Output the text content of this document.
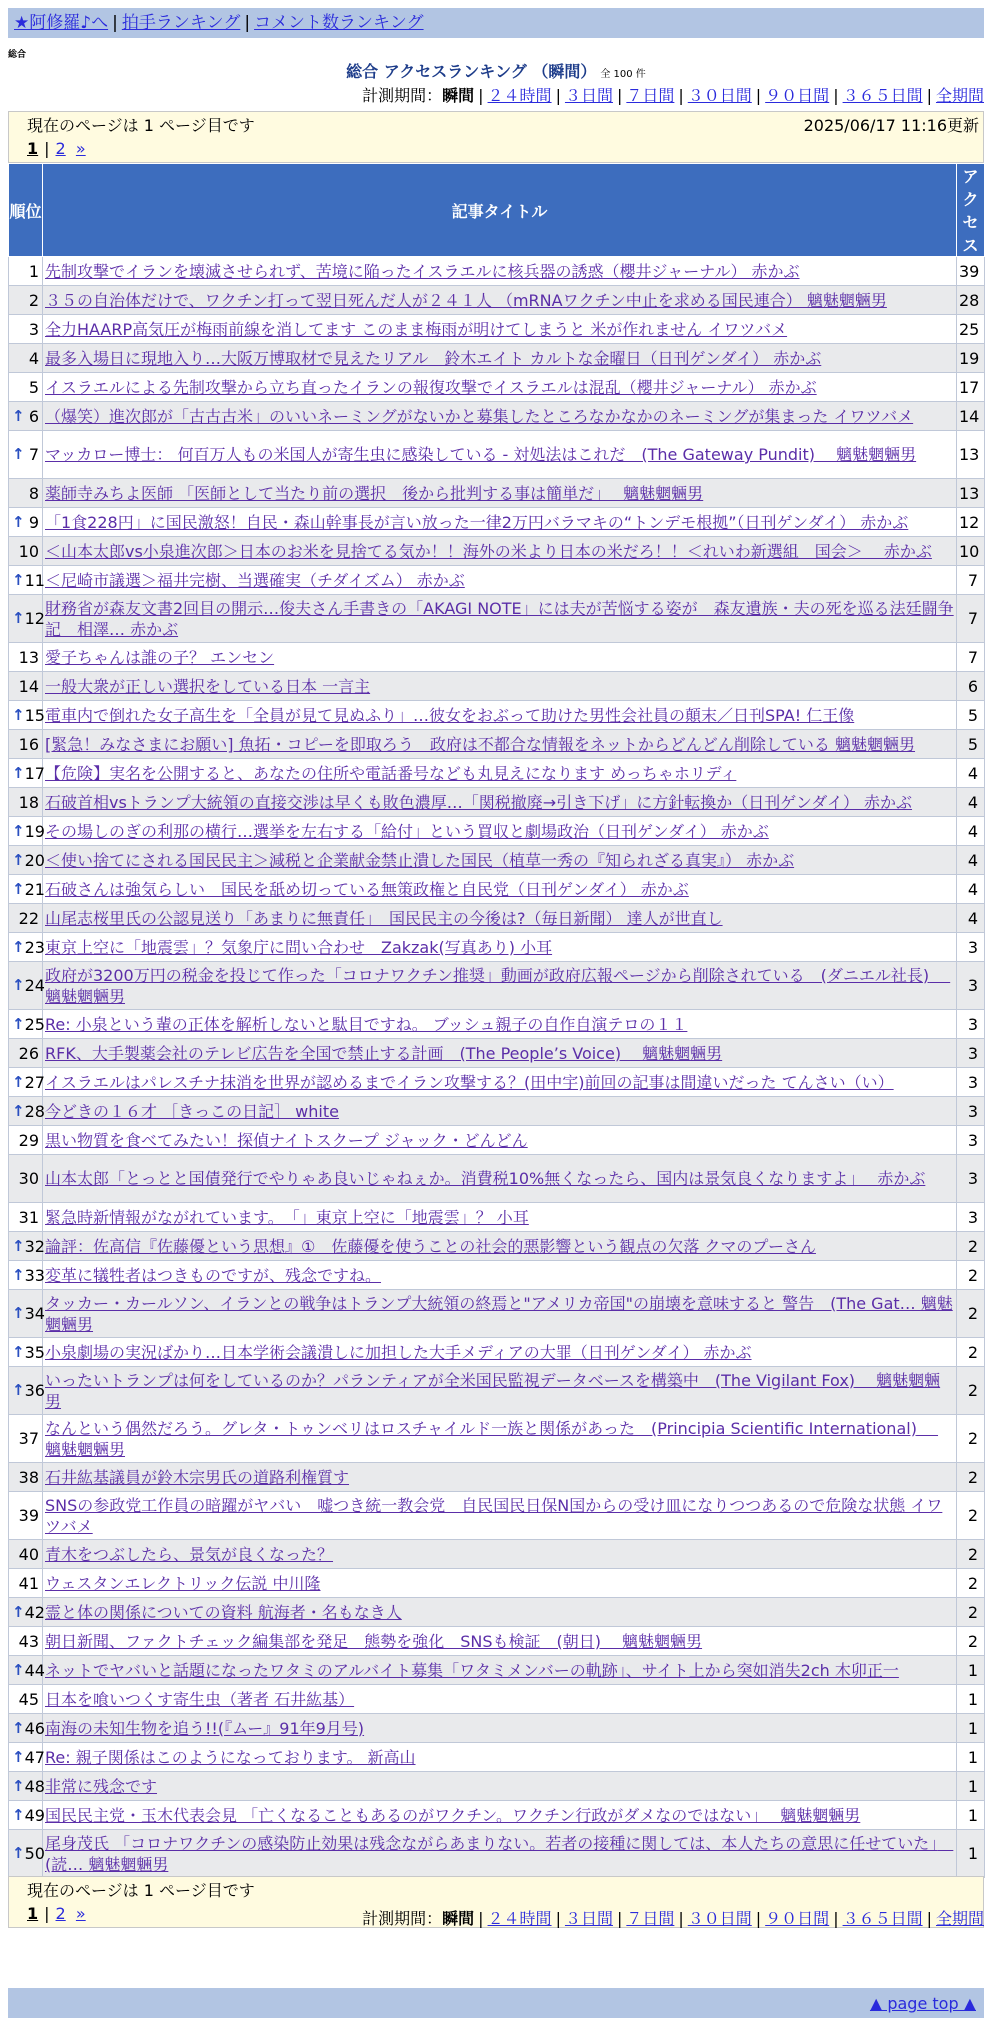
★阿修羅♪へ | 拍手ランキング | コメント数ランキング
総合
総合 アクセスランキング （瞬間） 全 100 件
計測期間：瞬間 | ２４時間 | ３日間 | ７日間 | ３０日間 | ９０日間 | ３６５日間 | 全期間
現在のページは 1 ページ目です	2025/06/17 11:16更新
1 | 2 »
順位	記事タイトル	アクセス
1	先制攻撃でイランを壊滅させられず、苦境に陥ったイスラエルに核兵器の誘惑（櫻井ジャーナル） 赤かぶ	39
2	３５の自治体だけで、ワクチン打って翌日死んだ人が２４１人 （mRNAワクチン中止を求める国民連合） 魑魅魍魎男	28
3	全力HAARP高気圧が梅雨前線を消してます このまま梅雨が明けてしまうと 米が作れません イワツバメ	25
4	最多入場日に現地入り…大阪万博取材で見えたリアル　鈴木エイト カルトな金曜日（日刊ゲンダイ） 赤かぶ	19
5	イスラエルによる先制攻撃から立ち直ったイランの報復攻撃でイスラエルは混乱（櫻井ジャーナル） 赤かぶ	17

↑ 6	（爆笑）進次郎が「古古古米」のいいネーミングがないかと募集したところなかなかのネーミングが集まった イワツバメ	14

↑ 7	マッカロー博士： 何百万人もの米国人が寄生虫に感染している - 対処法はこれだ　(The Gateway Pundit)　 魑魅魍魎男	13
8	薬師寺みちよ医師 「医師として当たり前の選択　後から批判する事は簡単だ」　 魑魅魍魎男	13

↑ 9	「1食228円」に国民激怒！自民・森山幹事長が言い放った一律2万円バラマキの“トンデモ根拠”（日刊ゲンダイ） 赤かぶ	12
10	＜山本太郎vs小泉進次郎＞日本のお米を見捨てる気か！！海外の米より日本の米だろ！！＜れいわ新選組　国会＞　 赤かぶ	10

↑ 11	＜尼崎市議選＞福井完樹、当選確実（チダイズム） 赤かぶ	7

↑ 12	財務省が森友文書2回目の開示…俊夫さん手書きの「AKAGI NOTE」には夫が苦悩する姿が　森友遺族・夫の死を巡る法廷闘争記　相澤… 赤かぶ	7
13	愛子ちゃんは誰の子？ エンセン	7
14	一般大衆が正しい選択をしている日本 一言主	6

↑ 15	電車内で倒れた女子高生を「全員が見て見ぬふり」…彼女をおぶって助けた男性会社員の顛末／日刊SPA! 仁王像	5
16	[緊急！みなさまにお願い] 魚拓・コピーを即取ろう　政府は不都合な情報をネットからどんどん削除している 魑魅魍魎男	5

↑ 17	【危険】実名を公開すると、あなたの住所や電話番号なども丸見えになります めっちゃホリディ	4
18	石破首相vsトランプ大統領の直接交渉は早くも敗色濃厚…「関税撤廃→引き下げ」に方針転換か（日刊ゲンダイ） 赤かぶ	4

↑ 19	その場しのぎの利那の横行…選挙を左右する「給付」という買収と劇場政治（日刊ゲンダイ） 赤かぶ	4

↑ 20	＜使い捨てにされる国民民主＞減税と企業献金禁止潰した国民（植草一秀の『知られざる真実』） 赤かぶ	4

↑ 21	石破さんは強気らしい　国民を舐め切っている無策政権と自民党（日刊ゲンダイ） 赤かぶ	4
22	山尾志桜里氏の公認見送り「あまりに無責任」　国民民主の今後は?（毎日新聞） 達人が世直し	4

↑ 23	東京上空に「地震雲」？気象庁に問い合わせ　Zakzak(写真あり) 小耳	3

↑ 24	政府が3200万円の税金を投じて作った「コロナワクチン推奨」動画が政府広報ページから削除されている　(ダニエル社長)　 魑魅魍魎男	3

↑ 25	Re: 小泉という輩の正体を解析しないと駄目ですね。 ブッシュ親子の自作自演テロの１１	3
26	RFK、大手製薬会社のテレビ広告を全国で禁止する計画　(The People’s Voice)　 魑魅魍魎男	3

↑ 27	イスラエルはパレスチナ抹消を世界が認めるまでイラン攻撃する？(田中宇)前回の記事は間違いだった てんさい（い）	3

↑ 28	今どきの１６才 ［きっこの日記］ white	3
29	黒い物質を食べてみたい！探偵ナイトスクープ ジャック・どんどん	3
30	山本太郎「とっとと国債発行でやりゃあ良いじゃねぇか。消費税10%無くなったら、国内は景気良くなりますよ」　 赤かぶ	3
31	緊急時新情報がながれています。　「」東京上空に「地震雲」？ 小耳	3

↑ 32	論評：佐高信『佐藤優という思想』①　佐藤優を使うことの社会的悪影響という観点の欠落 クマのプーさん	2

↑ 33	変革に犠牲者はつきものですが、残念ですね。	2

↑ 34	タッカー・カールソン、イランとの戦争はトランプ大統領の終焉と"アメリカ帝国"の崩壊を意味すると 警告　(The Gat… 魑魅魍魎男	2

↑ 35	小泉劇場の実況ばかり…日本学術会議潰しに加担した大手メディアの大罪（日刊ゲンダイ） 赤かぶ	2

↑ 36	いったいトランプは何をしているのか？パランティアが全米国民監視データベースを構築中　(The Vigilant Fox)　 魑魅魍魎男	2
37	なんという偶然だろう。グレタ・トゥンベリはロスチャイルド一族と関係があった　(Principia Scientific International)　 魑魅魍魎男	2
38	石井紘基議員が鈴木宗男氏の道路利権質す	2
39	SNSの参政党工作員の暗躍がヤバい　嘘つき統一教会党　自民国民日保N国からの受け皿になりつつあるので危険な状態 イワツバメ	2
40	青木をつぶしたら、景気が良くなった？	2
41	ウェスタンエレクトリック伝説 中川隆	2

↑ 42	霊と体の関係についての資料 航海者・名もなき人	2
43	朝日新聞、ファクトチェック編集部を発足　態勢を強化　SNSも検証　(朝日)　 魑魅魍魎男	2

↑ 44	ネットでヤバいと話題になったワタミのアルバイト募集「ワタミメンバーの軌跡」、サイト上から突如消失2ch 木卯正一	1
45	日本を喰いつくす寄生虫（著者 石井紘基）	1

↑ 46	南海の未知生物を追う!!(『ムー』91年9月号)	1

↑ 47	Re: 親子関係はこのようになっております。 新高山	1

↑ 48	非常に残念です	1

↑ 49	国民民主党・玉木代表会見 「亡くなることもあるのがワクチン。ワクチン行政がダメなのではない」　 魑魅魍魎男	1

↑ 50	尾身茂氏 「コロナワクチンの感染防止効果は残念ながらあまりない。若者の接種に関しては、本人たちの意思に任せていた」　(読… 魑魅魍魎男	1
現在のページは 1 ページ目です
1 | 2 »	計測期間：瞬間 | ２４時間 | ３日間 | ７日間 | ３０日間 | ９０日間 | ３６５日間 | 全期間
▲ page top ▲
